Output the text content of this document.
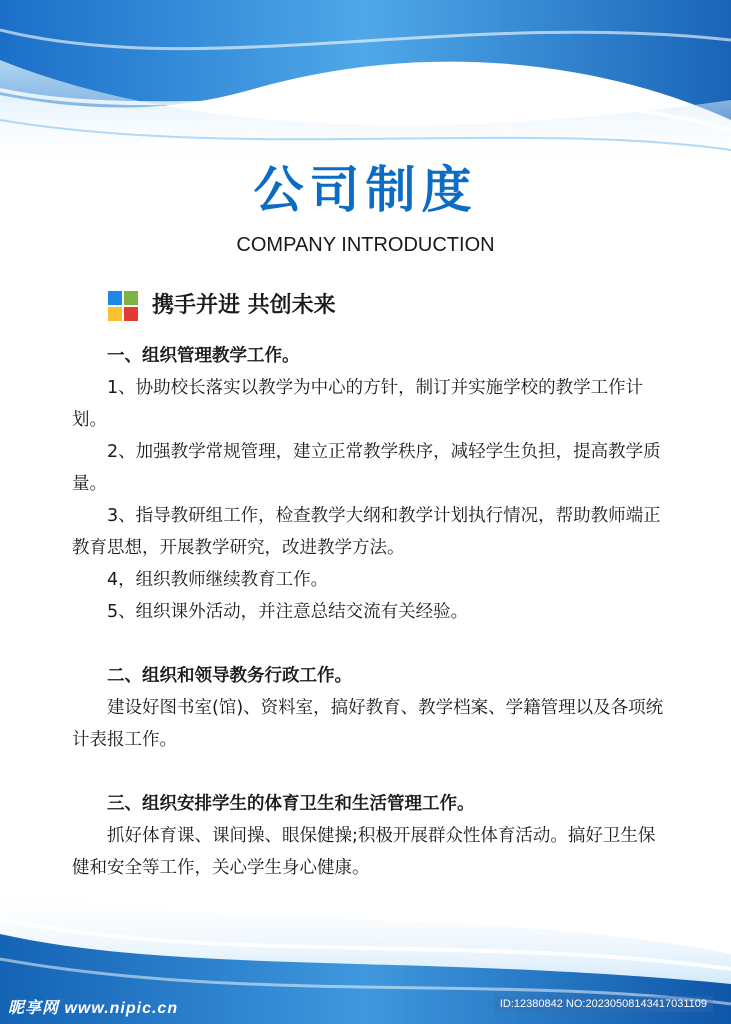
公司制度
COMPANY INTRODUCTION
携手并进 共创未来
一、组织管理教学工作。

1、协助校长落实以教学为中心的方针，制订并实施学校的教学工作计划。

2、加强教学常规管理，建立正常教学秩序，减轻学生负担，提高教学质量。

3、指导教研组工作，检查教学大纲和教学计划执行情况，帮助教师端正教育思想，开展教学研究，改进教学方法。

4，组织教师继续教育工作。

5、组织课外活动，并注意总结交流有关经验。

二、组织和领导教务行政工作。

建设好图书室(馆)、资料室，搞好教育、教学档案、学籍管理以及各项统计表报工作。

三、组织安排学生的体育卫生和生活管理工作。

抓好体育课、课间操、眼保健操;积极开展群众性体育活动。搞好卫生保健和安全等工作，关心学生身心健康。

昵享网 www.nipic.cn	ID:12380842 NO:20230508143417031109
